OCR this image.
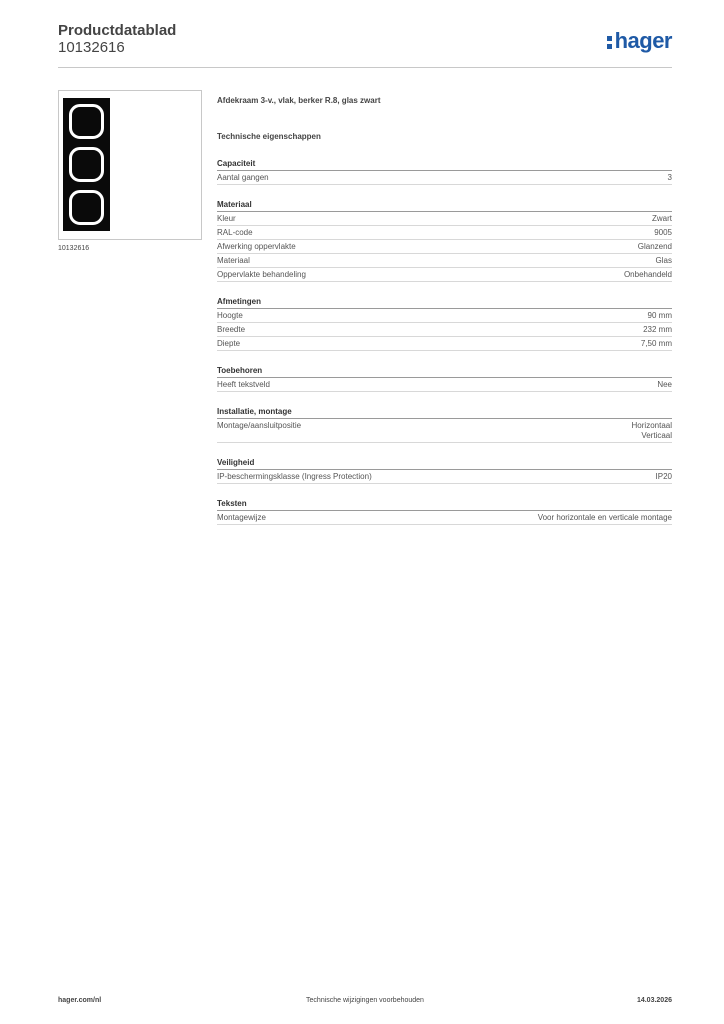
Productdatablad
10132616	hager
10132616
Afdekraam 3-v., vlak, berker R.8, glas zwart
Technische eigenschappen
Capaciteit
Aantal gangen	3
Materiaal
Kleur	Zwart
RAL-code	9005
Afwerking oppervlakte	Glanzend
Materiaal	Glas
Oppervlakte behandeling	Onbehandeld
Afmetingen
Hoogte	90 mm
Breedte	232 mm
Diepte	7,50 mm
Toebehoren
Heeft tekstveld	Nee
Installatie, montage
Montage/aansluitpositie	Horizontaal
Verticaal
Veiligheid
IP-beschermingsklasse (Ingress Protection)	IP20
Teksten
Montagewijze	Voor horizontale en verticale montage
hager.com/nl	Technische wijzigingen voorbehouden	14.03.2026
